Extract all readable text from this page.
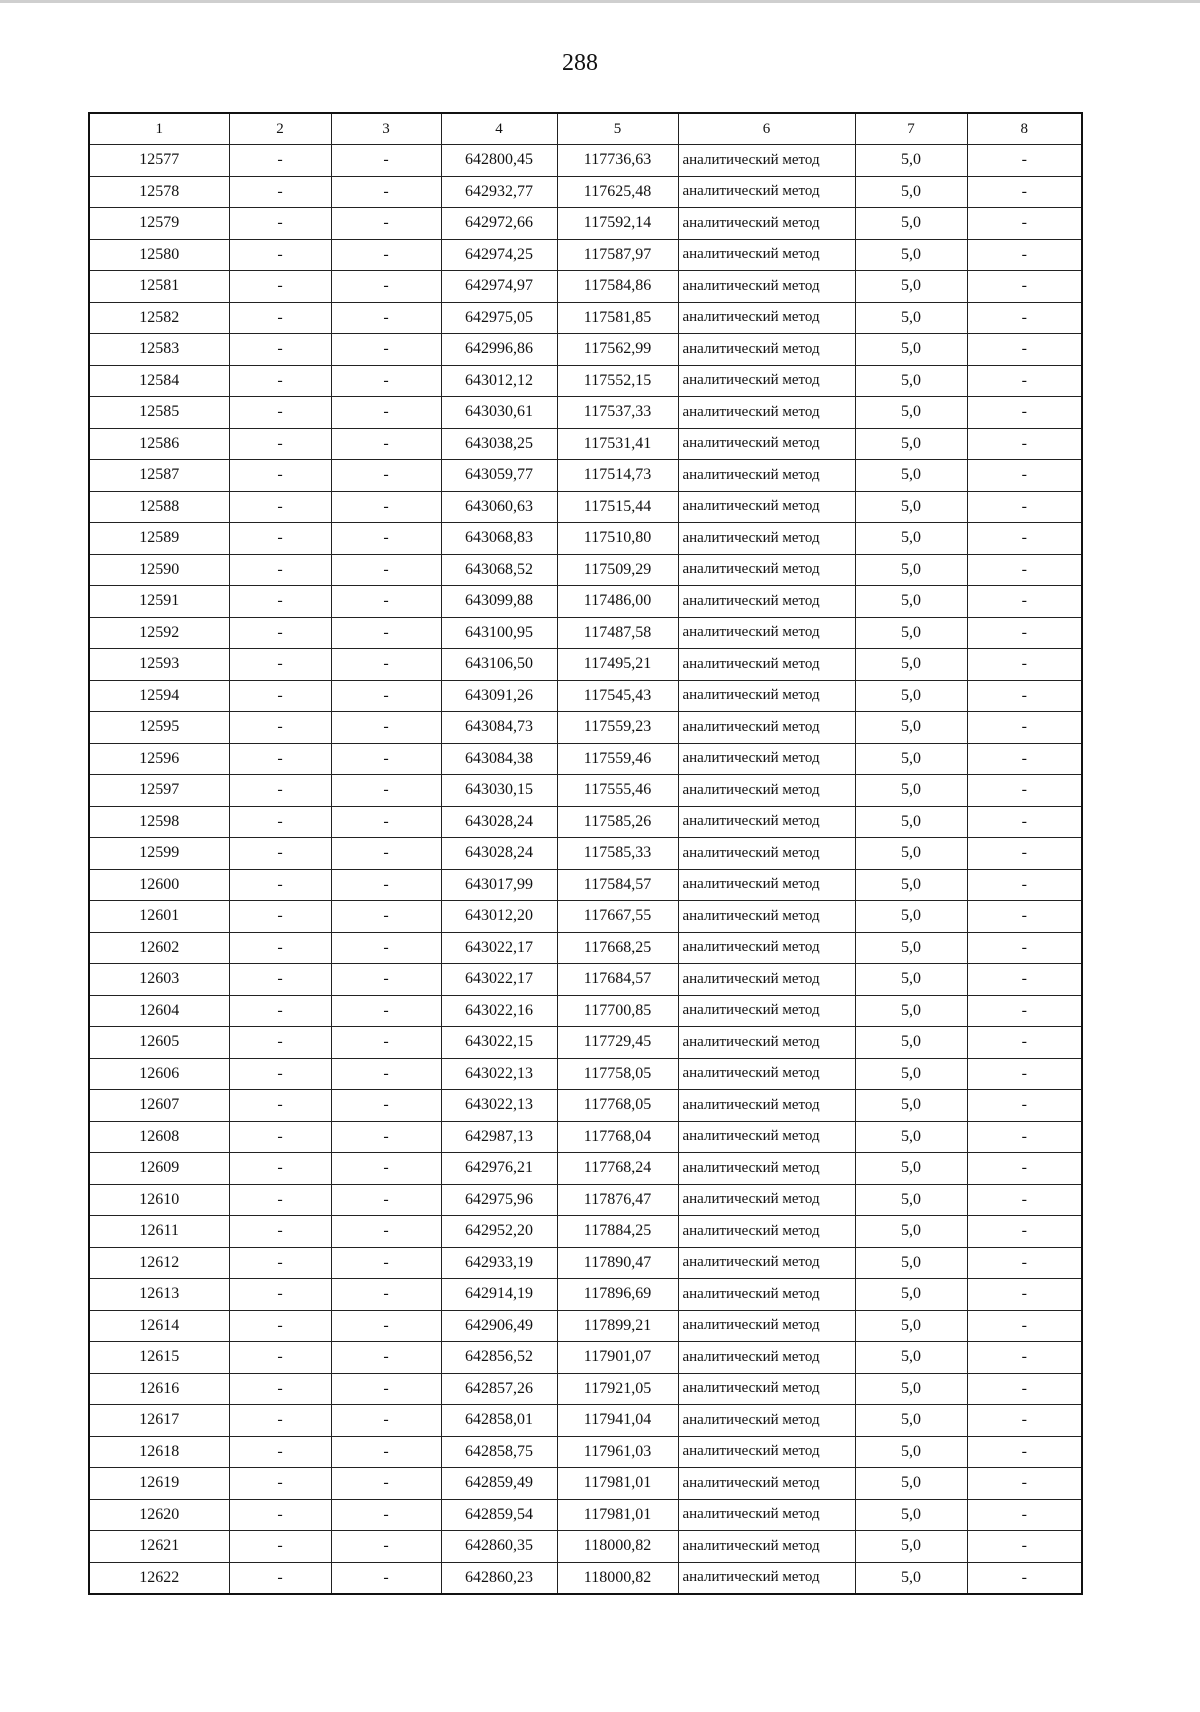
288
1	2	3	4	5	6	7	8
12577	-	-	642800,45	117736,63	аналитический метод	5,0	-
12578	-	-	642932,77	117625,48	аналитический метод	5,0	-
12579	-	-	642972,66	117592,14	аналитический метод	5,0	-
12580	-	-	642974,25	117587,97	аналитический метод	5,0	-
12581	-	-	642974,97	117584,86	аналитический метод	5,0	-
12582	-	-	642975,05	117581,85	аналитический метод	5,0	-
12583	-	-	642996,86	117562,99	аналитический метод	5,0	-
12584	-	-	643012,12	117552,15	аналитический метод	5,0	-
12585	-	-	643030,61	117537,33	аналитический метод	5,0	-
12586	-	-	643038,25	117531,41	аналитический метод	5,0	-
12587	-	-	643059,77	117514,73	аналитический метод	5,0	-
12588	-	-	643060,63	117515,44	аналитический метод	5,0	-
12589	-	-	643068,83	117510,80	аналитический метод	5,0	-
12590	-	-	643068,52	117509,29	аналитический метод	5,0	-
12591	-	-	643099,88	117486,00	аналитический метод	5,0	-
12592	-	-	643100,95	117487,58	аналитический метод	5,0	-
12593	-	-	643106,50	117495,21	аналитический метод	5,0	-
12594	-	-	643091,26	117545,43	аналитический метод	5,0	-
12595	-	-	643084,73	117559,23	аналитический метод	5,0	-
12596	-	-	643084,38	117559,46	аналитический метод	5,0	-
12597	-	-	643030,15	117555,46	аналитический метод	5,0	-
12598	-	-	643028,24	117585,26	аналитический метод	5,0	-
12599	-	-	643028,24	117585,33	аналитический метод	5,0	-
12600	-	-	643017,99	117584,57	аналитический метод	5,0	-
12601	-	-	643012,20	117667,55	аналитический метод	5,0	-
12602	-	-	643022,17	117668,25	аналитический метод	5,0	-
12603	-	-	643022,17	117684,57	аналитический метод	5,0	-
12604	-	-	643022,16	117700,85	аналитический метод	5,0	-
12605	-	-	643022,15	117729,45	аналитический метод	5,0	-
12606	-	-	643022,13	117758,05	аналитический метод	5,0	-
12607	-	-	643022,13	117768,05	аналитический метод	5,0	-
12608	-	-	642987,13	117768,04	аналитический метод	5,0	-
12609	-	-	642976,21	117768,24	аналитический метод	5,0	-
12610	-	-	642975,96	117876,47	аналитический метод	5,0	-
12611	-	-	642952,20	117884,25	аналитический метод	5,0	-
12612	-	-	642933,19	117890,47	аналитический метод	5,0	-
12613	-	-	642914,19	117896,69	аналитический метод	5,0	-
12614	-	-	642906,49	117899,21	аналитический метод	5,0	-
12615	-	-	642856,52	117901,07	аналитический метод	5,0	-
12616	-	-	642857,26	117921,05	аналитический метод	5,0	-
12617	-	-	642858,01	117941,04	аналитический метод	5,0	-
12618	-	-	642858,75	117961,03	аналитический метод	5,0	-
12619	-	-	642859,49	117981,01	аналитический метод	5,0	-
12620	-	-	642859,54	117981,01	аналитический метод	5,0	-
12621	-	-	642860,35	118000,82	аналитический метод	5,0	-
12622	-	-	642860,23	118000,82	аналитический метод	5,0	-
